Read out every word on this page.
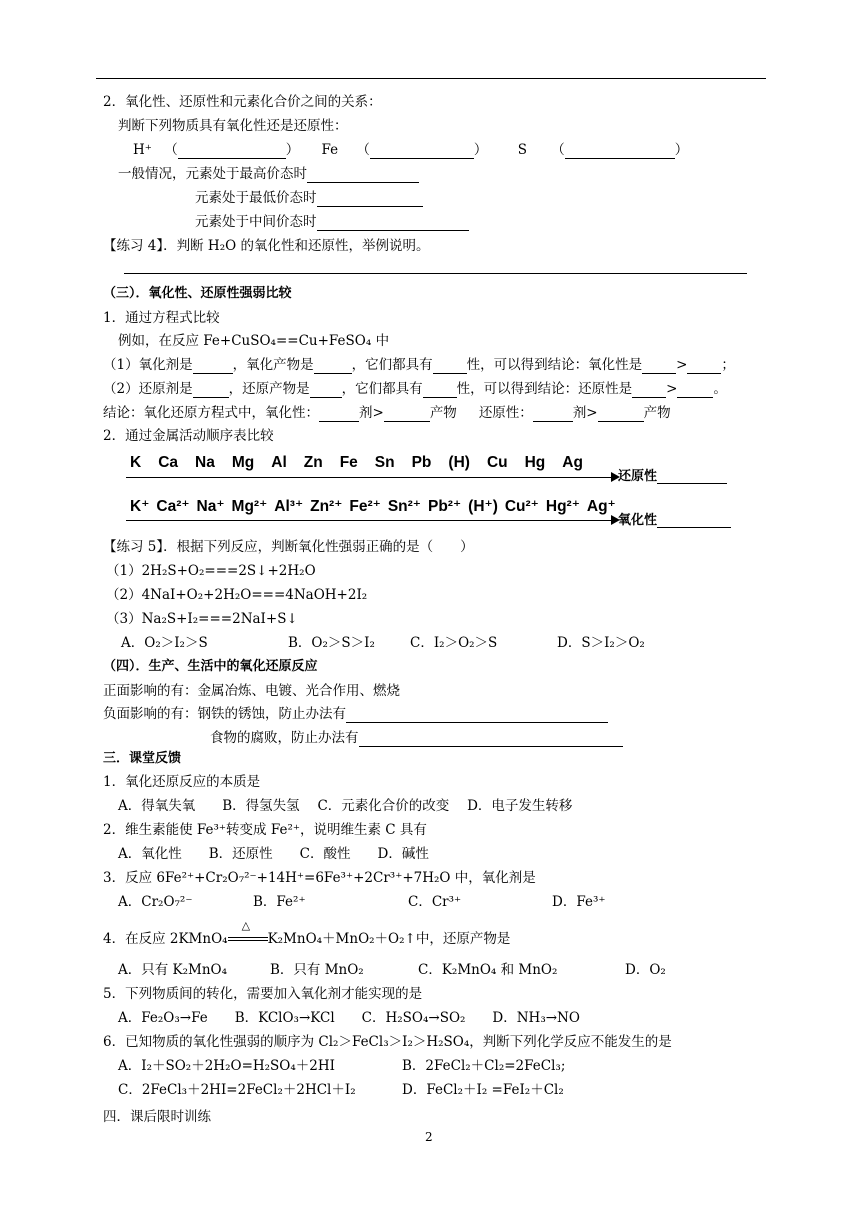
2．氧化性、还原性和元素化合价之间的关系：
判断下列物质具有氧化性还是还原性：
H⁺ （	） Fe （	） S （	）
一般情况，元素处于最高价态时
元素处于最低价态时
元素处于中间价态时
【练习 4】．判断 H₂O 的氧化性和还原性，举例说明。
（三）．氧化性、还原性强弱比较
1．通过方程式比较
例如，在反应 Fe+CuSO₄==Cu+FeSO₄ 中
（1）氧化剂是	，氧化产物是	，它们都具有	性，可以得到结论：氧化性是	>	；
（2）还原剂是	，还原产物是 ，它们都具有	性，可以得到结论：还原性是	>	。
结论：氧化还原方程式中，氧化性：	剂>	产物 还原性：	剂>	产物
2．通过金属活动顺序表比较
K Ca Na Mg Al Zn Fe Sn Pb (H) Cu Hg Ag
还原性
K⁺ Ca²⁺ Na⁺ Mg²⁺ Al³⁺ Zn²⁺ Fe²⁺ Sn²⁺ Pb²⁺ (H⁺) Cu²⁺ Hg²⁺ Ag⁺
氧化性
【练习 5】．根据下列反应，判断氧化性强弱正确的是（　　）
（1）2H₂S+O₂===2S↓+2H₂O
（2）4NaI+O₂+2H₂O===4NaOH+2I₂
（3）Na₂S+I₂===2NaI+S↓
A．O₂＞I₂＞S	B．O₂＞S＞I₂	C．I₂＞O₂＞S	D．S＞I₂＞O₂
（四）．生产、生活中的氧化还原反应
正面影响的有：金属冶炼、电镀、光合作用、燃烧
负面影响的有：钢铁的锈蚀，防止办法有
食物的腐败，防止办法有
三．课堂反馈
1．氧化还原反应的本质是
A．得氧失氧　　B．得氢失氢　 C．元素化合价的改变　 D．电子发生转移
2．维生素能使 Fe³⁺转变成 Fe²⁺，说明维生素 C 具有
A．氧化性　　B．还原性　　C．酸性　　D．碱性
3．反应 6Fe²⁺+Cr₂O₇²⁻+14H⁺=6Fe³⁺+2Cr³⁺+7H₂O 中，氧化剂是
A．Cr₂O₇²⁻	B．Fe²⁺	C．Cr³⁺	D．Fe³⁺
4．在反应 2KMnO₄
△
K₂MnO₄＋MnO₂＋O₂↑中，还原产物是
A．只有 K₂MnO₄	B．只有 MnO₂	C．K₂MnO₄ 和 MnO₂	D．O₂
5．下列物质间的转化，需要加入氧化剂才能实现的是
A．Fe₂O₃→Fe　　B．KClO₃→KCl　　C．H₂SO₄→SO₂　　D．NH₃→NO
6．已知物质的氧化性强弱的顺序为 Cl₂＞FeCl₃＞I₂＞H₂SO₄，判断下列化学反应不能发生的是
A．I₂＋SO₂＋2H₂O=H₂SO₄＋2HI	B．2FeCl₂＋Cl₂=2FeCl₃;
C．2FeCl₃＋2HI=2FeCl₂＋2HCl＋I₂	D．FeCl₂＋I₂ =FeI₂＋Cl₂
四．课后限时训练
2
